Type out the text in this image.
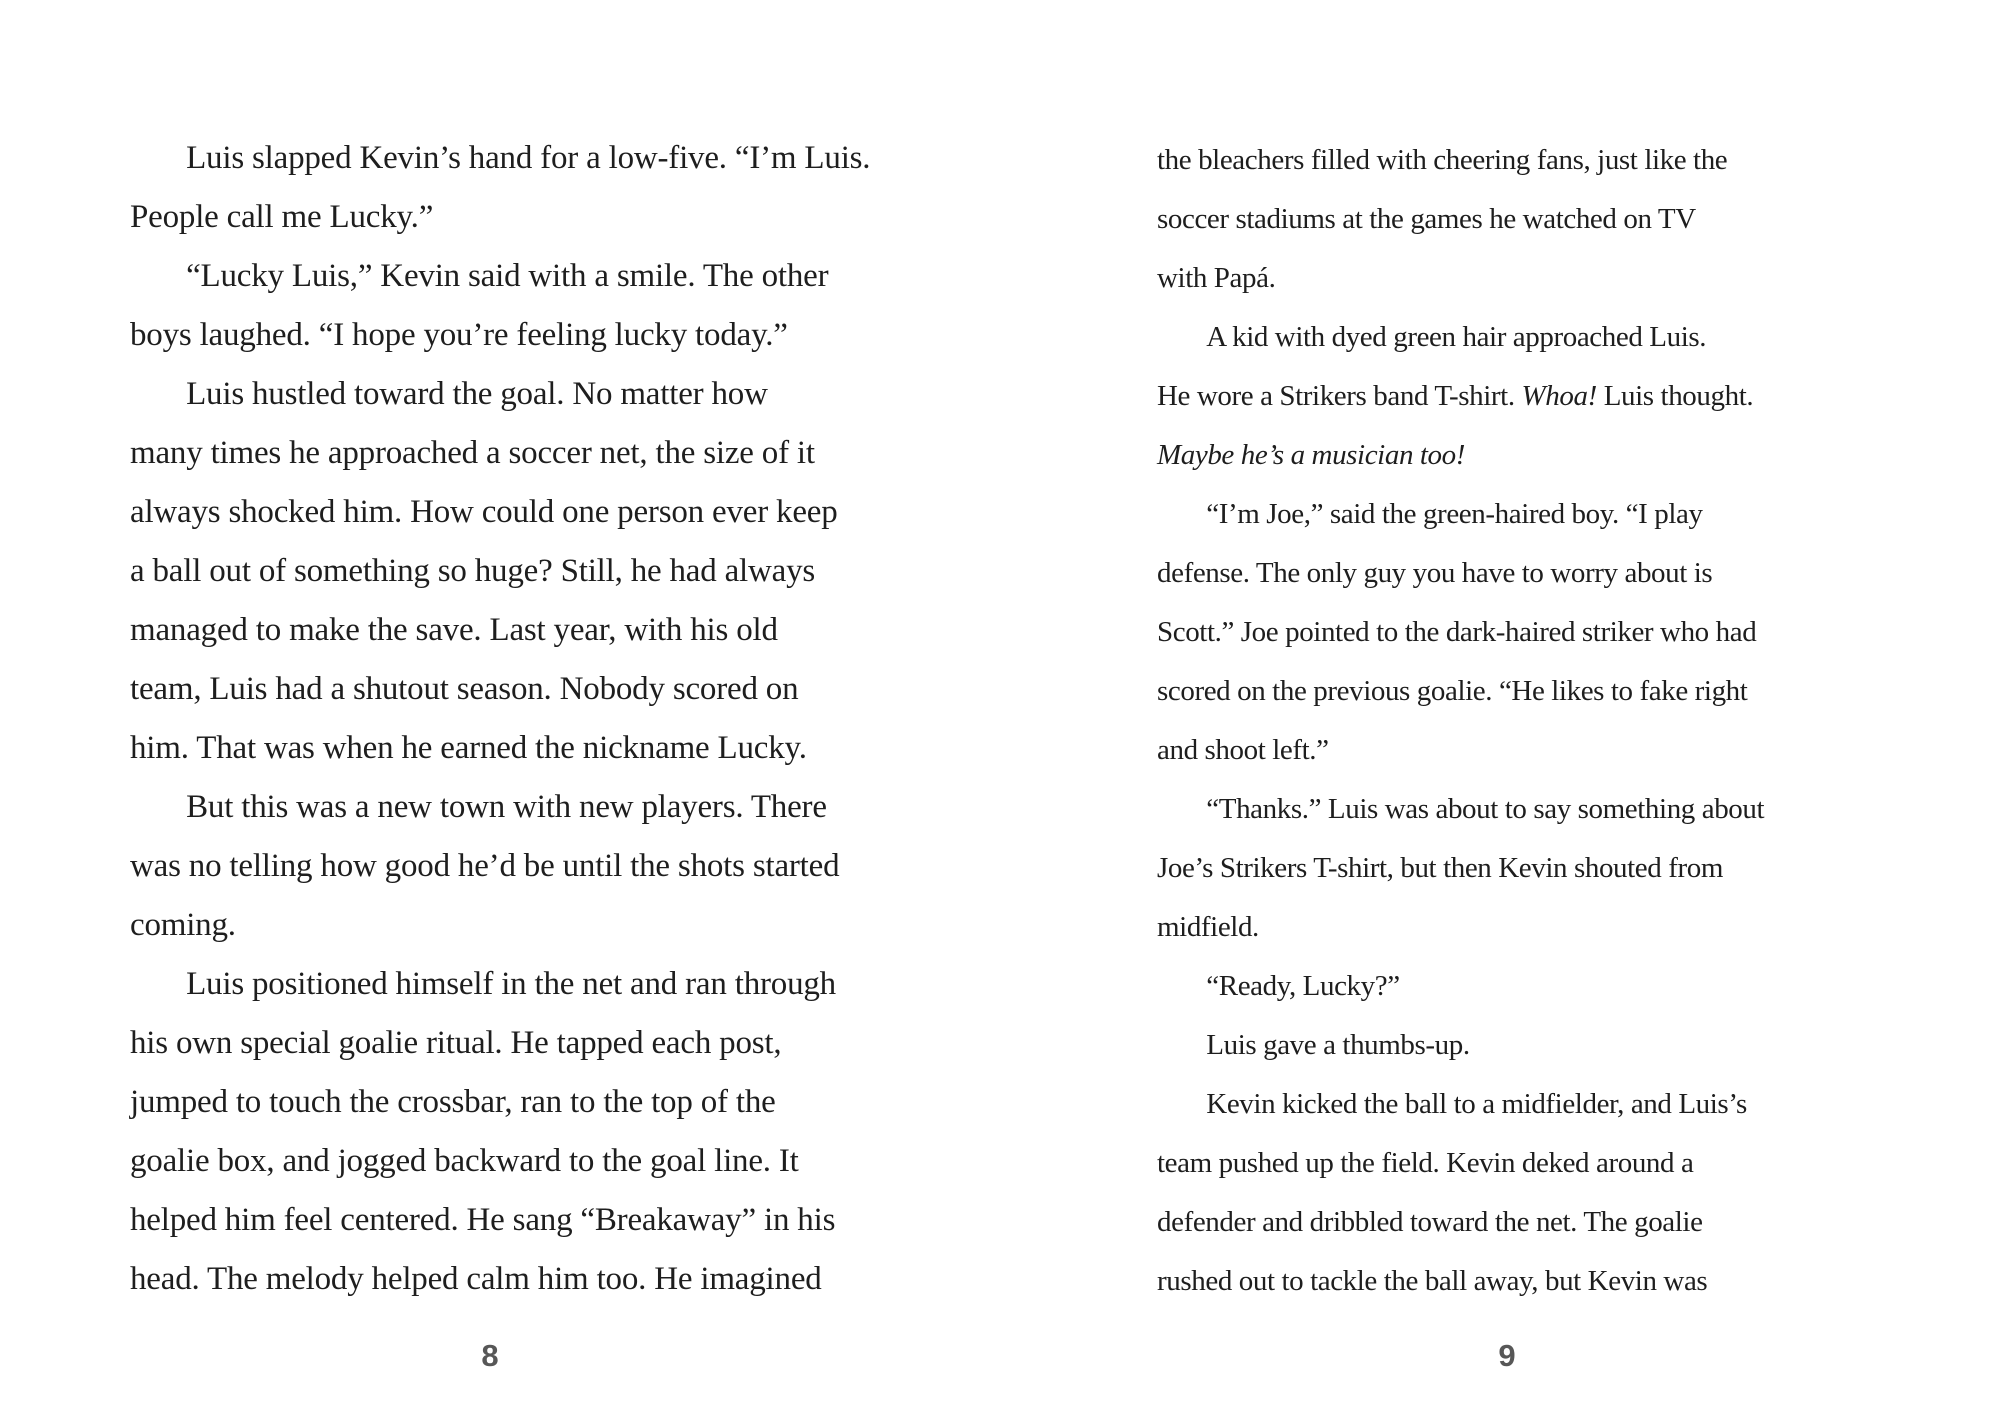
Luis slapped Kevin’s hand for a low-five. “I’m Luis.
People call me Lucky.”
“Lucky Luis,” Kevin said with a smile. The other
boys laughed. “I hope you’re feeling lucky today.”
Luis hustled toward the goal. No matter how
many times he approached a soccer net, the size of it
always shocked him. How could one person ever keep
a ball out of something so huge? Still, he had always
managed to make the save. Last year, with his old
team, Luis had a shutout season. Nobody scored on
him. That was when he earned the nickname Lucky.
But this was a new town with new players. There
was no telling how good he’d be until the shots started
coming.
Luis positioned himself in the net and ran through
his own special goalie ritual. He tapped each post,
jumped to touch the crossbar, ran to the top of the
goalie box, and jogged backward to the goal line. It
helped him feel centered. He sang “Breakaway” in his
head. The melody helped calm him too. He imagined
8
the bleachers filled with cheering fans, just like the
soccer stadiums at the games he watched on TV
with Papá.
A kid with dyed green hair approached Luis.
He wore a Strikers band T-shirt. Whoa! Luis thought.
Maybe he’s a musician too!
“I’m Joe,” said the green-haired boy. “I play
defense. The only guy you have to worry about is
Scott.” Joe pointed to the dark-haired striker who had
scored on the previous goalie. “He likes to fake right
and shoot left.”
“Thanks.” Luis was about to say something about
Joe’s Strikers T-shirt, but then Kevin shouted from
midfield.
“Ready, Lucky?”
Luis gave a thumbs-up.
Kevin kicked the ball to a midfielder, and Luis’s
team pushed up the field. Kevin deked around a
defender and dribbled toward the net. The goalie
rushed out to tackle the ball away, but Kevin was
9
